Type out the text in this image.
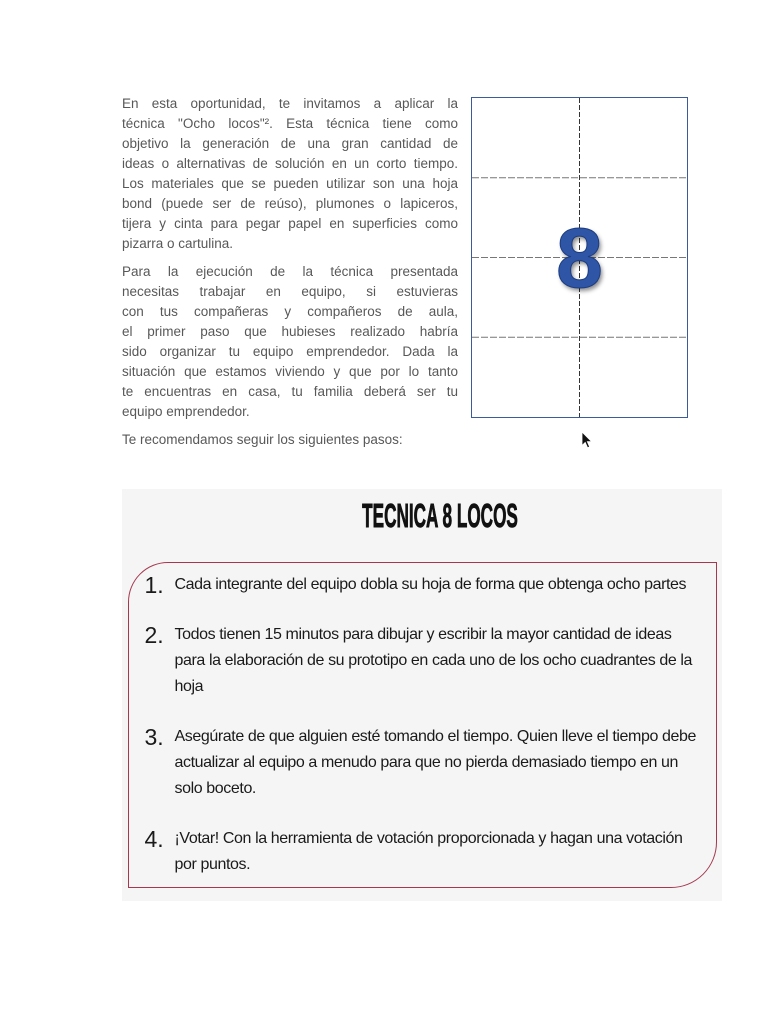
En esta oportunidad, te invitamos a aplicar la
técnica "Ocho locos"². Esta técnica tiene como
objetivo la generación de una gran cantidad de
ideas o alternativas de solución en un corto tiempo.
Los materiales que se pueden utilizar son una hoja
bond (puede ser de reúso), plumones o lapiceros,
tijera y cinta para pegar papel en superficies como
pizarra o cartulina.

Para la ejecución de la técnica presentada
necesitas trabajar en equipo, si estuvieras
con tus compañeras y compañeros de aula,
el primer paso que hubieses realizado habría
sido organizar tu equipo emprendedor. Dada la
situación que estamos viviendo y que por lo tanto
te encuentras en casa, tu familia deberá ser tu
equipo emprendedor.

Te recomendamos seguir los siguientes pasos:

8
TECNICA 8 LOCOS
1. Cada integrante del equipo dobla su hoja de forma que obtenga ocho partes
2. Todos tienen 15 minutos para dibujar y escribir la mayor cantidad de ideas
para la elaboración de su prototipo en cada uno de los ocho cuadrantes de la
hoja
3. Asegúrate de que alguien esté tomando el tiempo. Quien lleve el tiempo debe
actualizar al equipo a menudo para que no pierda demasiado tiempo en un
solo boceto.
4. ¡Votar! Con la herramienta de votación proporcionada y hagan una votación
por puntos.
